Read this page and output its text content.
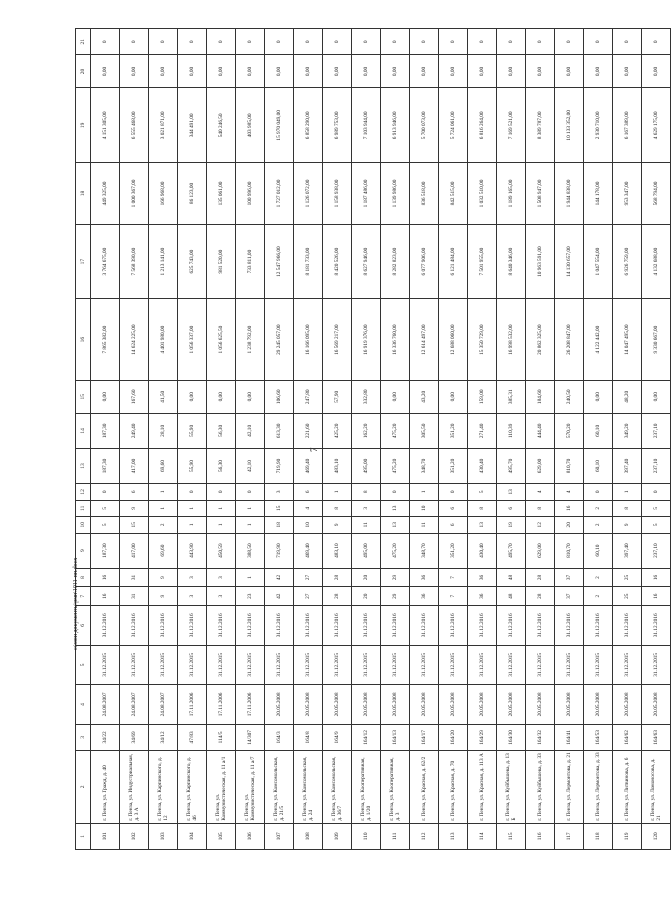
7
1	2	3	4	5	6	7	8	9	10	11	12	13	14	15	16	17	18	19	20	21
101	г. Пенза, ул. Гражд, д. 40	34/22	24.08.2007	31.12.2015	31.12.2016	16	16	187,30	5	5	0	187,30	187,30	0,00	7 865 382,00	3 764 675,00	449 325,00	4 151 305,00	0,00	0
102	г. Пенза, ул. Индустриальная, д. 3 А	34/69	24.08.2007	31.12.2015	31.12.2016	31	31	417,00	15	9	6	417,00	249,40	167,60	14 624 225,00	7 568 390,00	1 000 367,00	6 555 468,00	0,00	0
103	г. Пенза, ул. Карпинского, д. 12	34/12	24.08.2007	31.12.2015	31.12.2016	9	9	69,60	2	1	1	69,60	28,10	41,50	4 401 980,00	1 213 141,00	166 968,00	3 021 871,00	0,00	0
104	г. Пенза, ул. Карпинского, д. 46	47/83	17.11.2006	31.12.2015	31.12.2016	3	3	443,90	1	1	0	55,90	55,90	0,00	1 056 337,00	625 743,00	86 123,00	344 491,00	0,00	0
105	г. Пенза, ул. Коммунистическая, д. 11 а/1	114/5	17.11.2006	31.12.2015	31.12.2016	3	3	450,59	1	1	0	56,30	56,30	0,00	1 056 625,50	981 520,00	135 061,00	540 246,50	0,00	0
106	г. Пенза, ул. Коммунистическая, д. 11 а/7	14/307	17.11.2006	31.12.2015	31.12.2016	23	1	388,50	1	1	0	42,10	42,10	0,00	1 238 792,00	733 811,00	100 996,00	403 985,00	0,00	0
107	г. Пенза, ул. Комсомольская, д. 21/5	164/3	20.05.2008	31.12.2015	31.12.2016	42	42	719,90	18	15	3	719,90	613,30	106,60	29 245 057,00	12 547 966,00	1 727 012,00	15 970 049,00	0,00	0
108	г. Пенза, ул. Комсомольская, д. 24	164/8	20.05.2008	31.12.2015	31.12.2016	27	27	469,40	10	4	6	469,40	221,60	247,80	16 166 095,00	8 181 733,00	1 126 072,00	6 858 290,00	0,00	0
109	г. Пенза, ул. Комсомольская, д. 36/7	164/9	20.05.2008	31.12.2015	31.12.2016	28	28	483,10	9	8	1	483,10	425,20	57,90	16 569 217,00	8 420 526,00	1 158 938,00	6 989 753,00	0,00	0
110	г. Пенза, ул. Кооперативная, д. 1/20	164/12	20.05.2008	31.12.2015	31.12.2016	20	20	495,00	11	3	8	495,00	162,20	332,80	16 919 376,00	8 627 946,00	1 187 486,00	7 103 944,00	0,00	0
111	г. Пенза, ул. Кооперативная, д. 3	164/13	20.05.2008	31.12.2015	31.12.2016	29	29	475,20	13	13	0	475,20	475,20	0,00	16 336 760,00	8 282 823,00	1 139 986,00	6 913 946,00	0,00	0
112	г. Пенза, ул. Красная, д. 62/2	164/17	20.05.2008	31.12.2015	31.12.2016	36	36	348,70	11	10	1	348,70	305,50	43,20	12 614 497,00	6 077 906,00	836 518,00	5 700 073,00	0,00	0
113	г. Пенза, ул. Красная, д. 70	164/20	20.05.2008	31.12.2015	31.12.2016	7	7	351,20	6	6	0	351,20	351,20	0,00	12 688 060,00	6 121 484,00	842 515,00	5 724 061,00	0,00	0
114	г. Пенза, ул. Красная, д. 113 А	164/29	20.05.2008	31.12.2015	31.12.2016	36	36	430,40	13	8	5	430,40	271,40	159,00	15 350 729,00	7 501 955,00	1 032 510,00	6 816 264,00	0,00	0
115	г. Пенза, ул. Куйбышева, д. 13 Б	164/30	20.05.2008	31.12.2015	31.12.2016	48	48	495,70	19	6	13	495,70	110,39	385,31	16 998 532,00	8 640 346,00	1 189 165,00	7 169 521,00	0,00	0
116	г. Пенза, ул. Куйбышева, д. 33	164/32	20.05.2008	31.12.2015	31.12.2016	28	28	629,00	12	8	4	629,00	444,40	184,60	20 862 325,00	10 963 591,00	1 508 947,00	8 389 787,00	0,00	0
117	г. Пенза, ул. Лермонтова, д. 21	164/41	20.05.2008	31.12.2015	31.12.2016	37	37	810,70	20	16	4	810,70	570,20	240,50	26 208 847,00	14 130 657,00	1 944 838,00	10 133 352,00	0,00	0
118	г. Пенза, ул. Лермонтова, д. 33	164/53	20.05.2008	31.12.2015	31.12.2016	2	2	60,10	2	2	0	60,10	60,10	0,00	4 122 442,00	1 047 554,00	144 178,00	2 930 710,00	0,00	0
119	г. Пенза, ул. Литвинова, д. 6	164/62	20.05.2008	31.12.2015	31.12.2016	25	25	397,40	9	8	1	397,40	349,20	48,20	14 047 495,00	6 926 759,00	953 347,00	6 167 389,00	0,00	0
120	г. Пенза, ул. Ломоносова, д. 21	164/63	20.05.2008	31.12.2015	31.12.2016	16	16	237,10	5	5	0	237,10	237,10	0,00	9 330 667,00	4 132 688,00	568 794,00	4 629 175,00	0,00	0
c:\мои документы\рмп\1011-пп.docx
